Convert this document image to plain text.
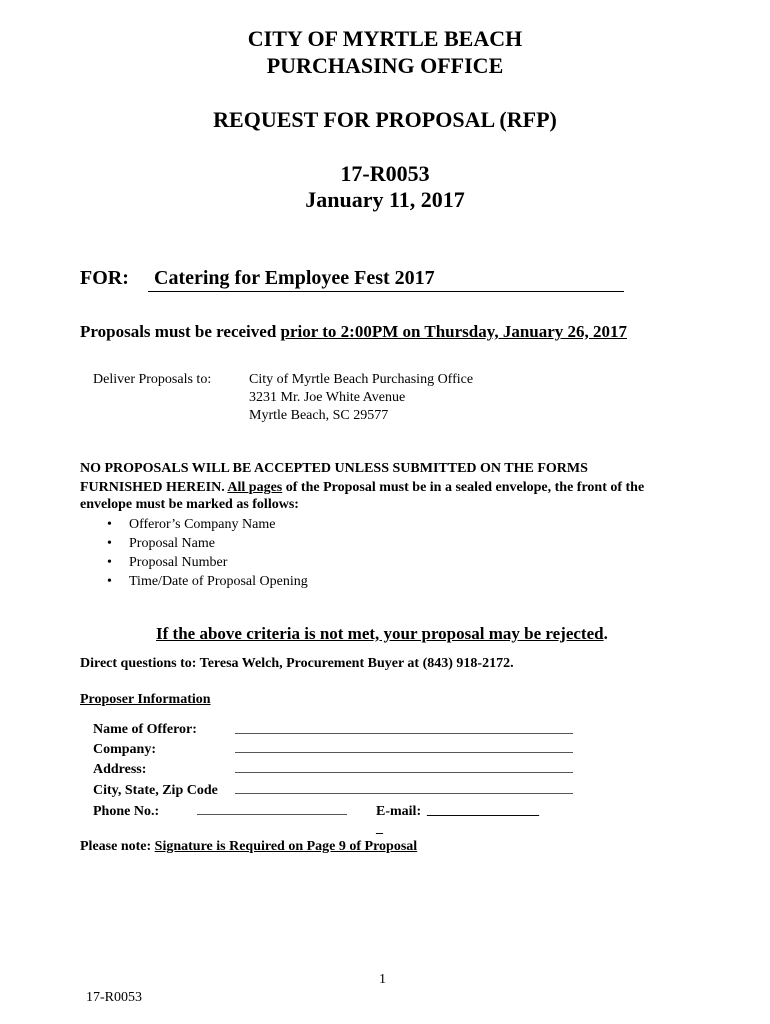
CITY OF MYRTLE BEACH
PURCHASING OFFICE
REQUEST FOR PROPOSAL (RFP)
17-R0053
January 11, 2017
FOR: Catering for Employee Fest 2017
Proposals must be received prior to 2:00PM on Thursday, January 26, 2017
Deliver Proposals to:	City of Myrtle Beach Purchasing Office
3231 Mr. Joe White Avenue
Myrtle Beach, SC 29577
NO PROPOSALS WILL BE ACCEPTED UNLESS SUBMITTED ON THE FORMS
FURNISHED HEREIN. All pages of the Proposal must be in a sealed envelope, the front of the
envelope must be marked as follows:
• Offeror’s Company Name
• Proposal Name
• Proposal Number
• Time/Date of Proposal Opening
If the above criteria is not met, your proposal may be rejected.
Direct questions to: Teresa Welch, Procurement Buyer at (843) 918-2172.
Proposer Information
Name of Offeror:
Company:
Address:
City, State, Zip Code
Phone No.:	E-mail: ________________
_
Please note: Signature is Required on Page 9 of Proposal
1
17-R0053
